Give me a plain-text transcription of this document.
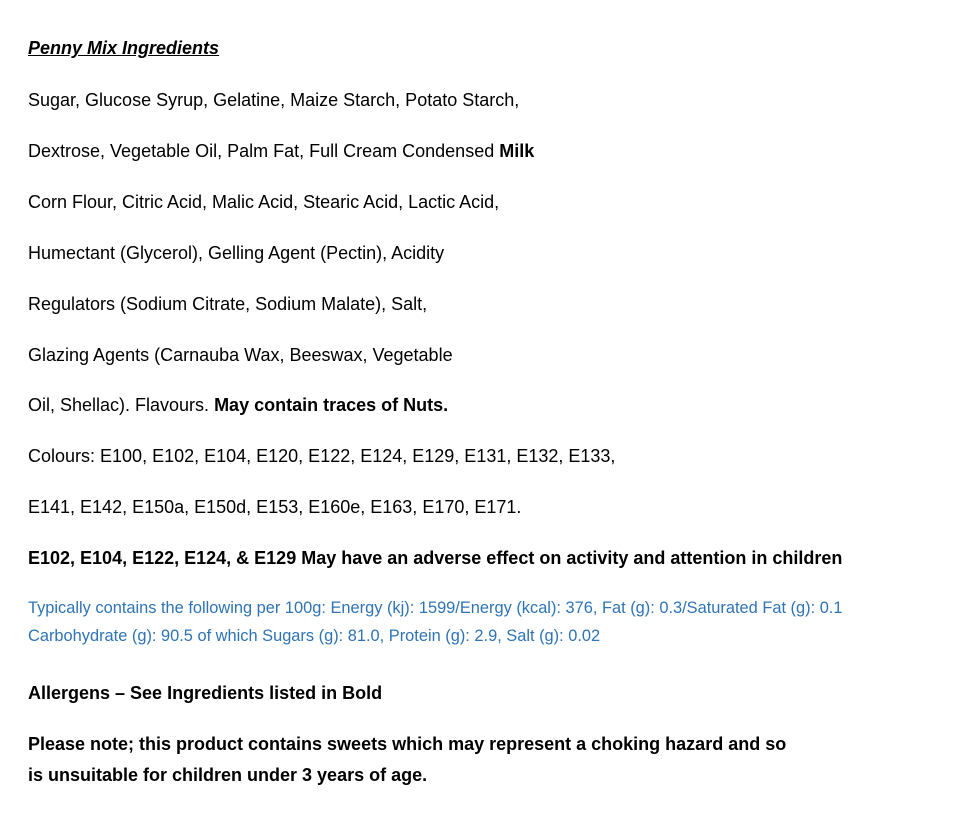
Penny Mix Ingredients
Sugar, Glucose Syrup, Gelatine, Maize Starch, Potato Starch,
Dextrose, Vegetable Oil, Palm Fat, Full Cream Condensed Milk
Corn Flour, Citric Acid, Malic Acid, Stearic Acid, Lactic Acid,
Humectant (Glycerol), Gelling Agent (Pectin), Acidity
Regulators (Sodium Citrate, Sodium Malate), Salt,
Glazing Agents (Carnauba Wax, Beeswax, Vegetable
Oil, Shellac). Flavours. May contain traces of Nuts.
Colours: E100, E102, E104, E120, E122, E124, E129, E131, E132, E133,
E141, E142, E150a, E150d, E153, E160e, E163, E170, E171.
E102, E104, E122, E124, & E129 May have an adverse effect on activity and attention in children
Typically contains the following per 100g: Energy (kj): 1599/Energy (kcal): 376, Fat (g): 0.3/Saturated Fat (g): 0.1
Carbohydrate (g): 90.5 of which Sugars (g): 81.0, Protein (g): 2.9, Salt (g): 0.02
Allergens – See Ingredients listed in Bold
Please note; this product contains sweets which may represent a choking hazard and so
is unsuitable for children under 3 years of age.
